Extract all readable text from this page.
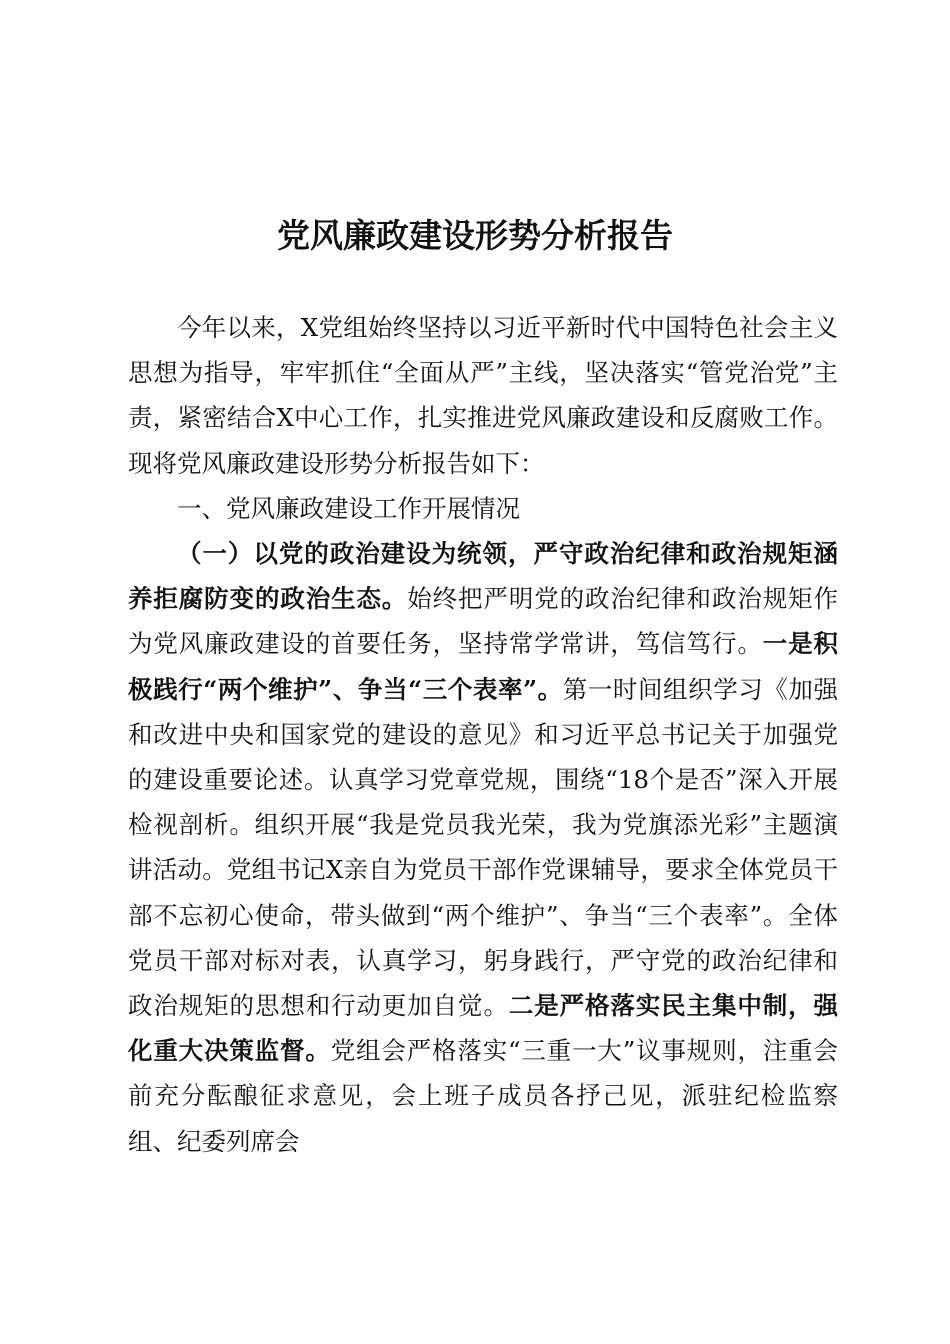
党风廉政建设形势分析报告

今年以来，X党组始终坚持以习近平新时代中国特色社会主义思想为指导，牢牢抓住“全面从严”主线，坚决落实“管党治党”主责，紧密结合X中心工作，扎实推进党风廉政建设和反腐败工作。现将党风廉政建设形势分析报告如下：

一、党风廉政建设工作开展情况

（一）以党的政治建设为统领，严守政治纪律和政治规矩涵养拒腐防变的政治生态。始终把严明党的政治纪律和政治规矩作为党风廉政建设的首要任务，坚持常学常讲，笃信笃行。一是积极践行“两个维护”、争当“三个表率”。第一时间组织学习《加强和改进中央和国家党的建设的意见》和习近平总书记关于加强党的建设重要论述。认真学习党章党规，围绕“18个是否”深入开展检视剖析。组织开展“我是党员我光荣，我为党旗添光彩”主题演讲活动。党组书记X亲自为党员干部作党课辅导，要求全体党员干部不忘初心使命，带头做到“两个维护”、争当“三个表率”。全体党员干部对标对表，认真学习，躬身践行，严守党的政治纪律和政治规矩的思想和行动更加自觉。二是严格落实民主集中制，强化重大决策监督。党组会严格落实“三重一大”议事规则，注重会前充分酝酿征求意见，会上班子成员各抒己见，派驻纪检监察组、纪委列席会
